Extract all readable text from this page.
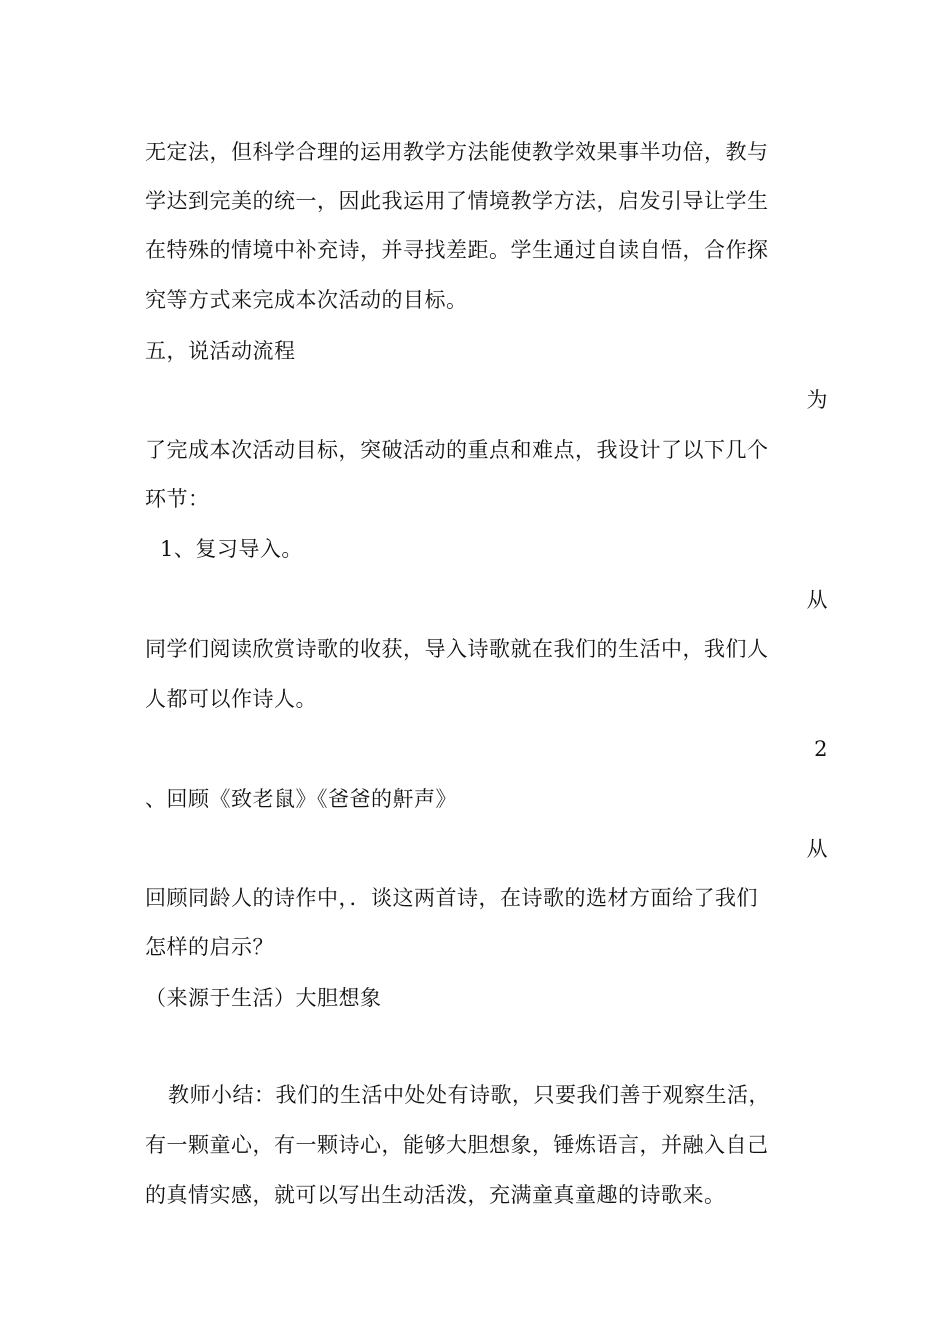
无定法，但科学合理的运用教学方法能使教学效果事半功倍，教与
学达到完美的统一，因此我运用了情境教学方法，启发引导让学生
在特殊的情境中补充诗，并寻找差距。学生通过自读自悟，合作探
究等方式来完成本次活动的目标。
五，说活动流程
为
了完成本次活动目标，突破活动的重点和难点，我设计了以下几个
环节：
1、复习导入。
从
同学们阅读欣赏诗歌的收获，导入诗歌就在我们的生活中，我们人
人都可以作诗人。
2
、回顾《致老鼠》《爸爸的鼾声》
从
回顾同龄人的诗作中，．谈这两首诗，在诗歌的选材方面给了我们
怎样的启示？
（来源于生活）大胆想象
教师小结：我们的生活中处处有诗歌，只要我们善于观察生活，
有一颗童心，有一颗诗心，能够大胆想象，锤炼语言，并融入自己
的真情实感，就可以写出生动活泼，充满童真童趣的诗歌来。
